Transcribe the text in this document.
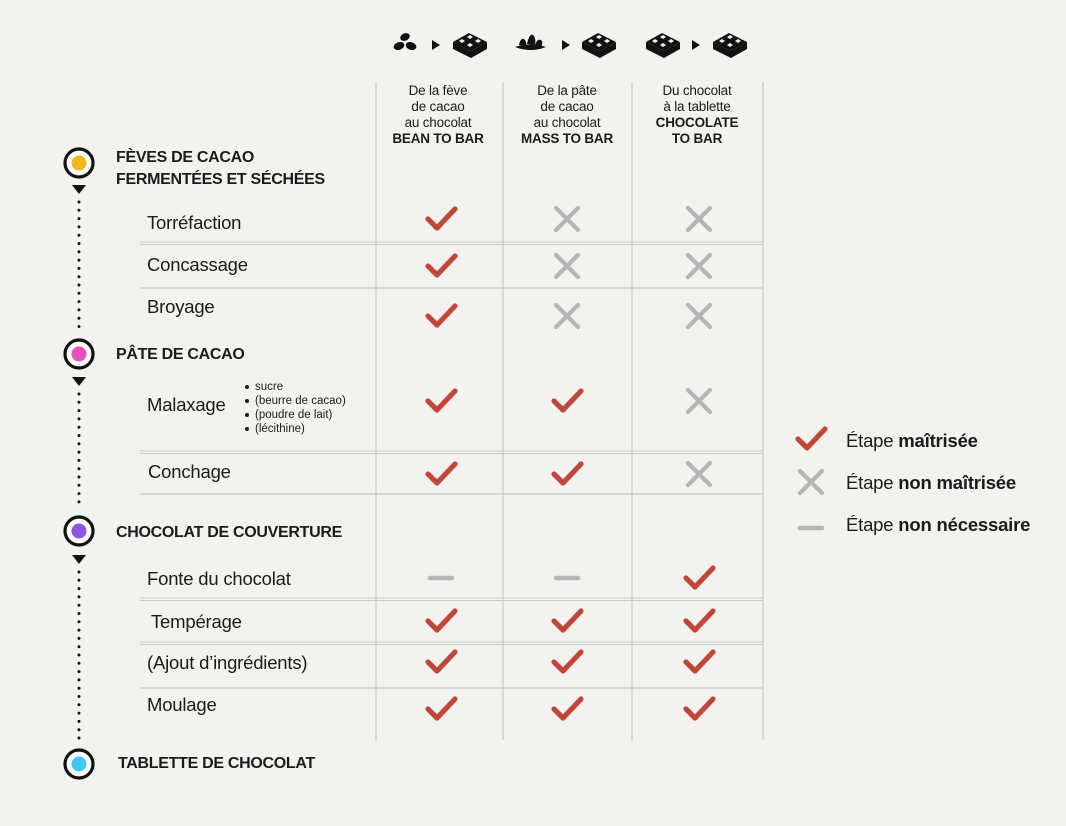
De la fève
de cacao
au chocolat
BEAN TO BAR
De la pâte
de cacao
au chocolat
MASS TO BAR
Du chocolat
à la tablette
CHOCOLATE
TO BAR
FÈVES DE CACAO
FERMENTÉES ET SÉCHÉES
PÂTE DE CACAO
CHOCOLAT DE COUVERTURE
TABLETTE DE CHOCOLAT
Torréfaction
Concassage
Broyage
Malaxage
Conchage
Fonte du chocolat
Tempérage
(Ajout d’ingrédients)
Moulage
sucre
(beurre de cacao)
(poudre de lait)
(lécithine)
Étape maîtrisée
Étape non maîtrisée
Étape non nécessaire
